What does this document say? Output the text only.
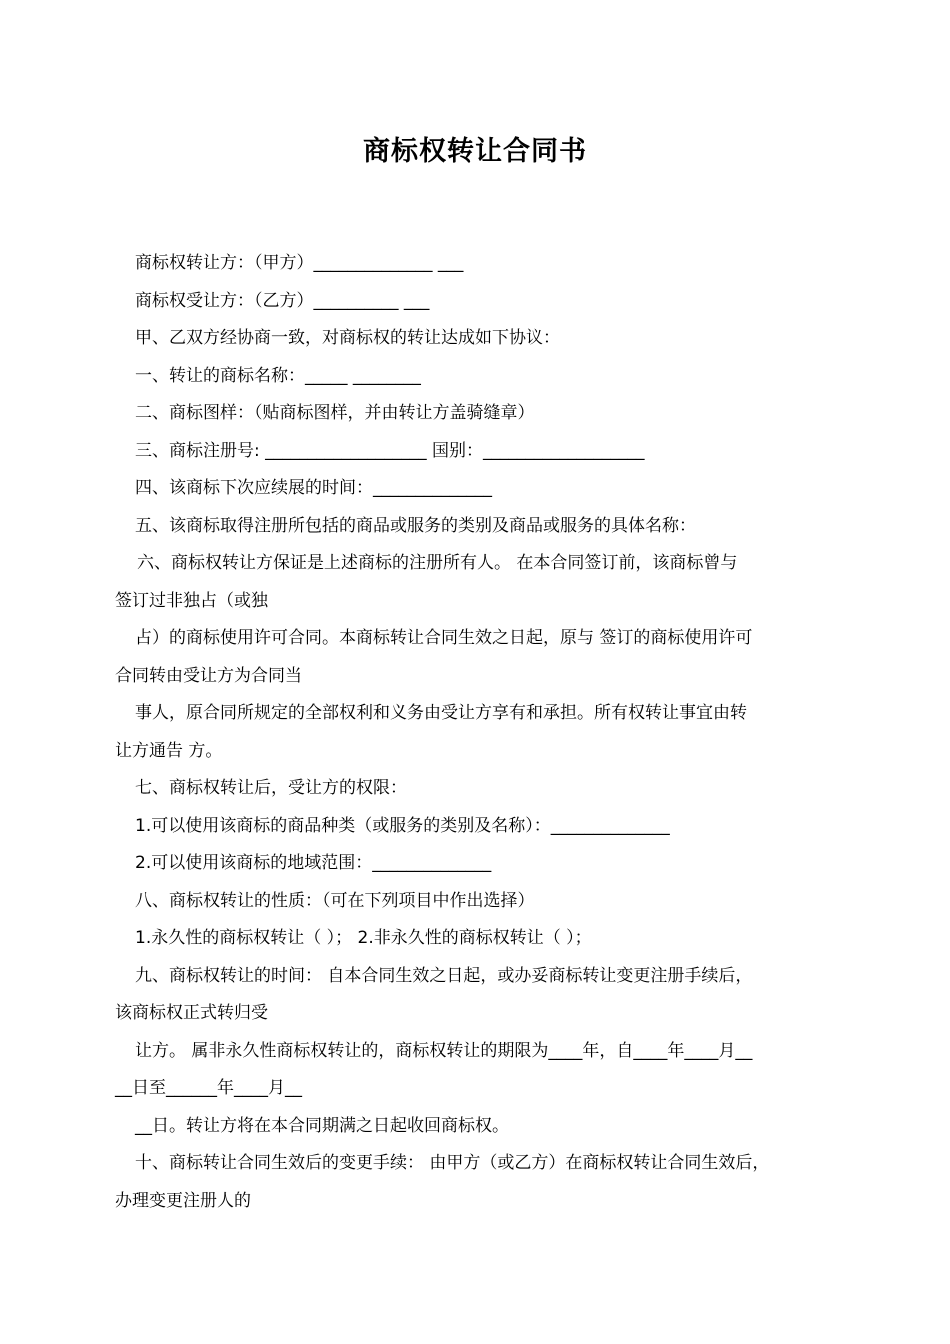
商标权转让合同书
商标权转让方：（甲方）______________ ___
商标权受让方：（乙方）__________ ___
甲、乙双方经协商一致，对商标权的转让达成如下协议：
一、转让的商标名称：_____ ________
二、商标图样：（贴商标图样，并由转让方盖骑缝章）
三、商标注册号: ___________________ 国别：___________________
四、该商标下次应续展的时间：______________
五、该商标取得注册所包括的商品或服务的类别及商品或服务的具体名称：
六、商标权转让方保证是上述商标的注册所有人。 在本合同签订前，该商标曾与
签订过非独占（或独
占）的商标使用许可合同。本商标转让合同生效之日起，原与 签订的商标使用许可
合同转由受让方为合同当
事人，原合同所规定的全部权利和义务由受让方享有和承担。所有权转让事宜由转
让方通告 方。
七、商标权转让后，受让方的权限：
1.可以使用该商标的商品种类（或服务的类别及名称）：______________
2.可以使用该商标的地域范围：______________
八、商标权转让的性质：（可在下列项目中作出选择）
1.永久性的商标权转让（ ）； 2.非永久性的商标权转让（ ）；
九、商标权转让的时间： 自本合同生效之日起，或办妥商标转让变更注册手续后，
该商标权正式转归受
让方。 属非永久性商标权转让的，商标权转让的期限为____年，自____年____月__
__日至______年____月__
__日。转让方将在本合同期满之日起收回商标权。
十、商标转让合同生效后的变更手续： 由甲方（或乙方）在商标权转让合同生效后，
办理变更注册人的
